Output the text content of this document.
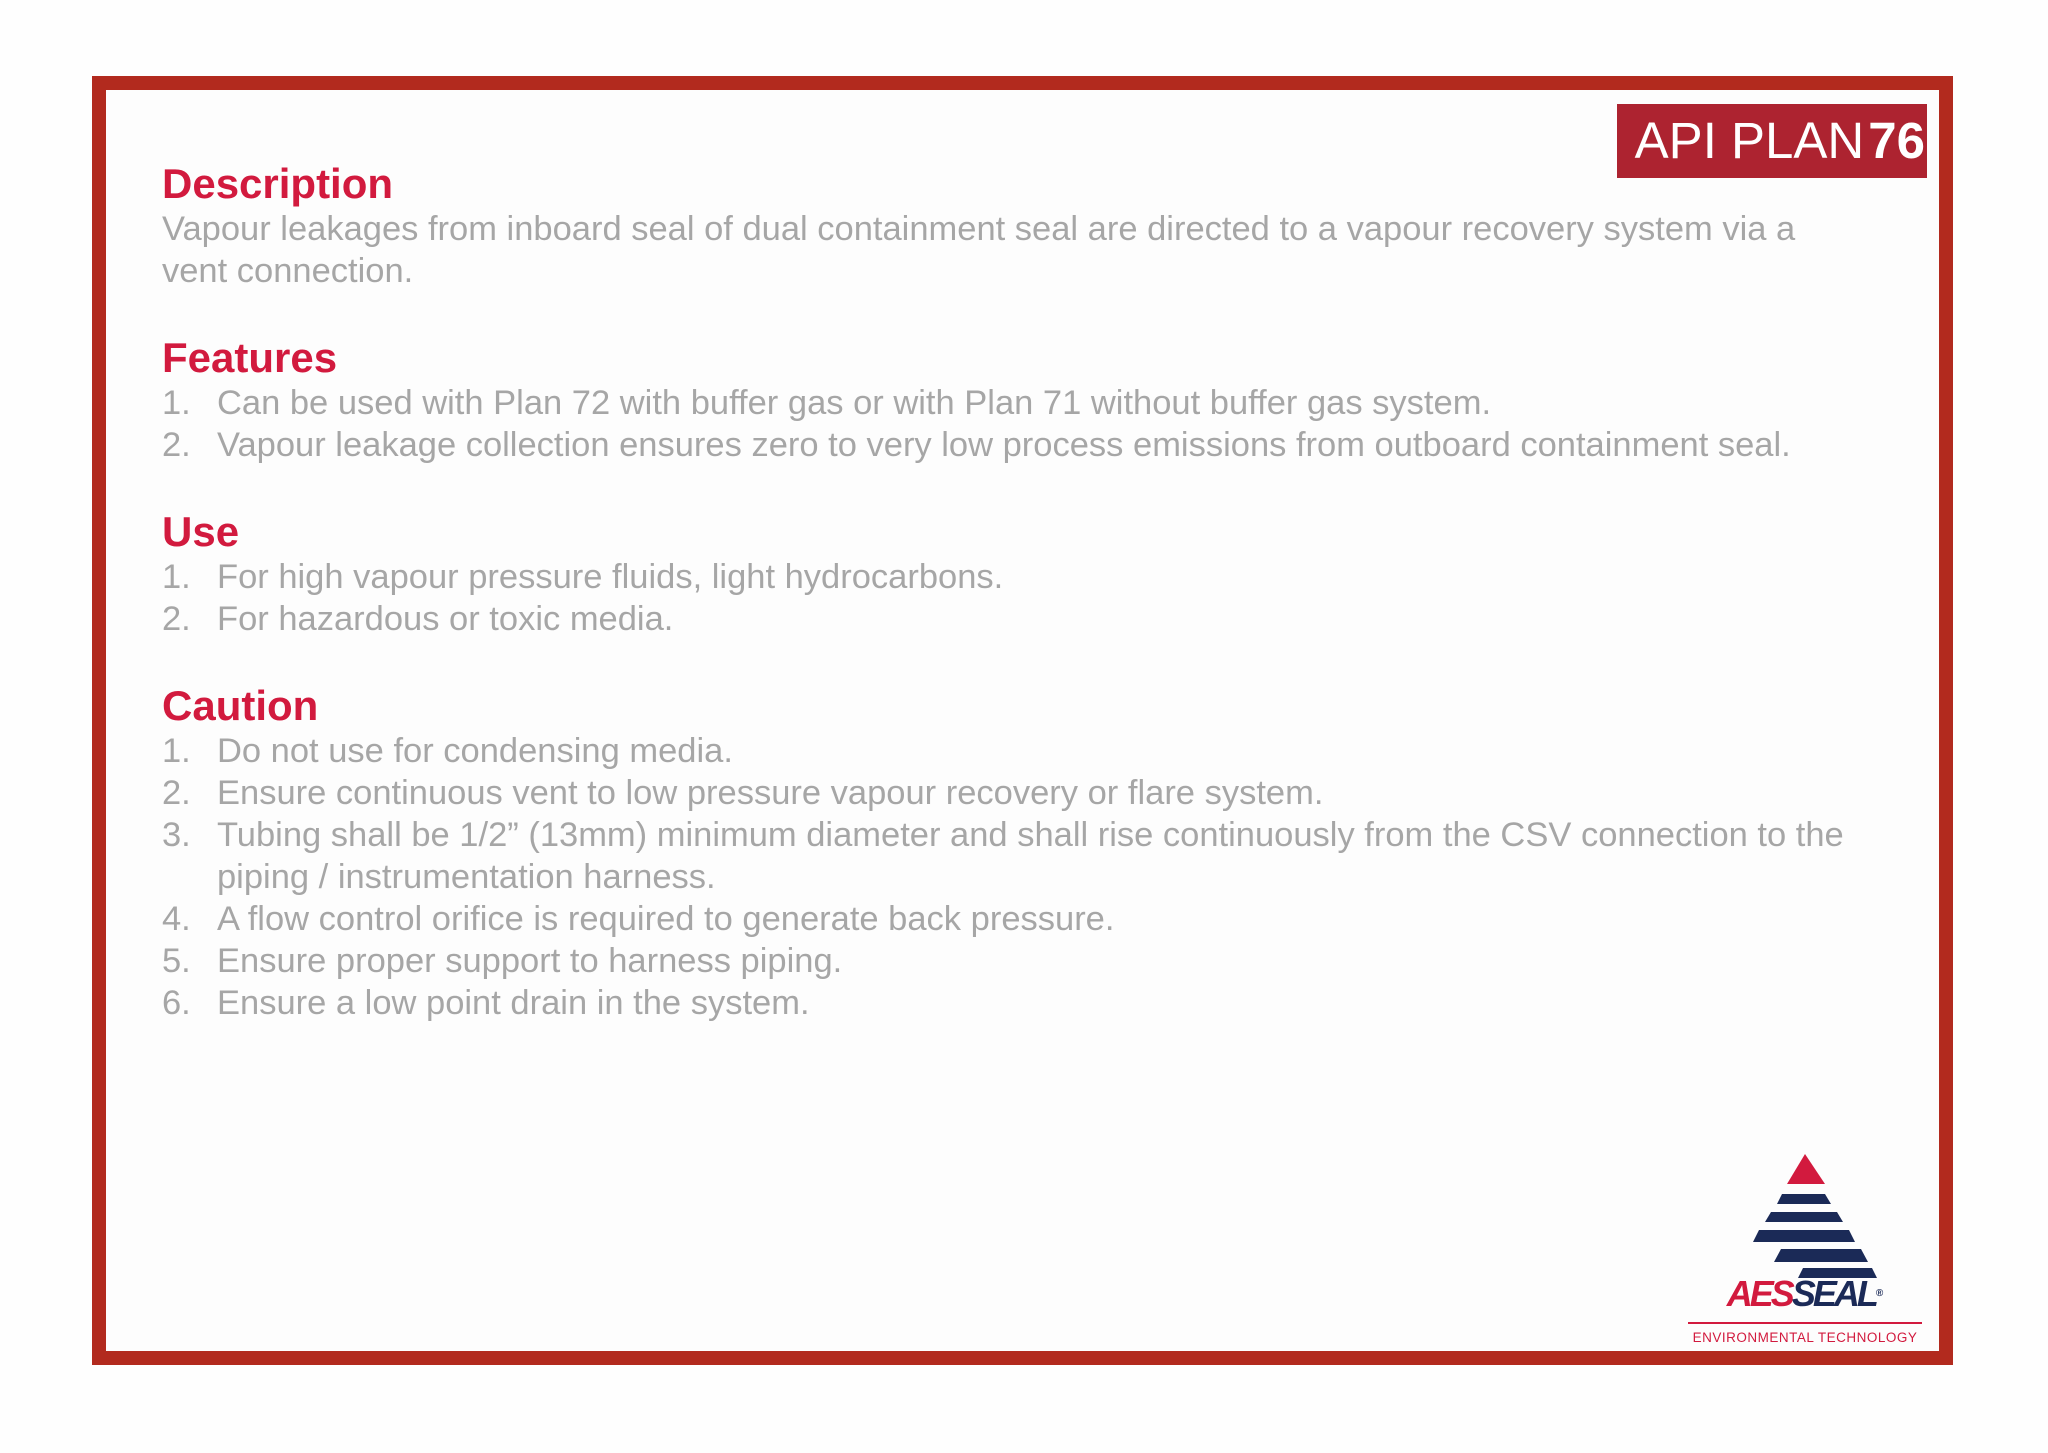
API PLAN76
Description

Vapour leakages from inboard seal of dual containment seal are directed to a vapour recovery system via a vent connection.

Features
1. Can be used with Plan 72 with buffer gas or with Plan 71 without buffer gas system.
2. Vapour leakage collection ensures zero to very low process emissions from outboard containment seal.
Use
1. For high vapour pressure fluids, light hydrocarbons.
2. For hazardous or toxic media.
Caution
1. Do not use for condensing media.
2. Ensure continuous vent to low pressure vapour recovery or flare system.
3. Tubing shall be 1/2” (13mm) minimum diameter and shall rise continuously from the CSV connection to the piping / instrumentation harness.
4. A flow control orifice is required to generate back pressure.
5. Ensure proper support to harness piping.
6. Ensure a low point drain in the system.
AESSEAL®
ENVIRONMENTAL TECHNOLOGY
